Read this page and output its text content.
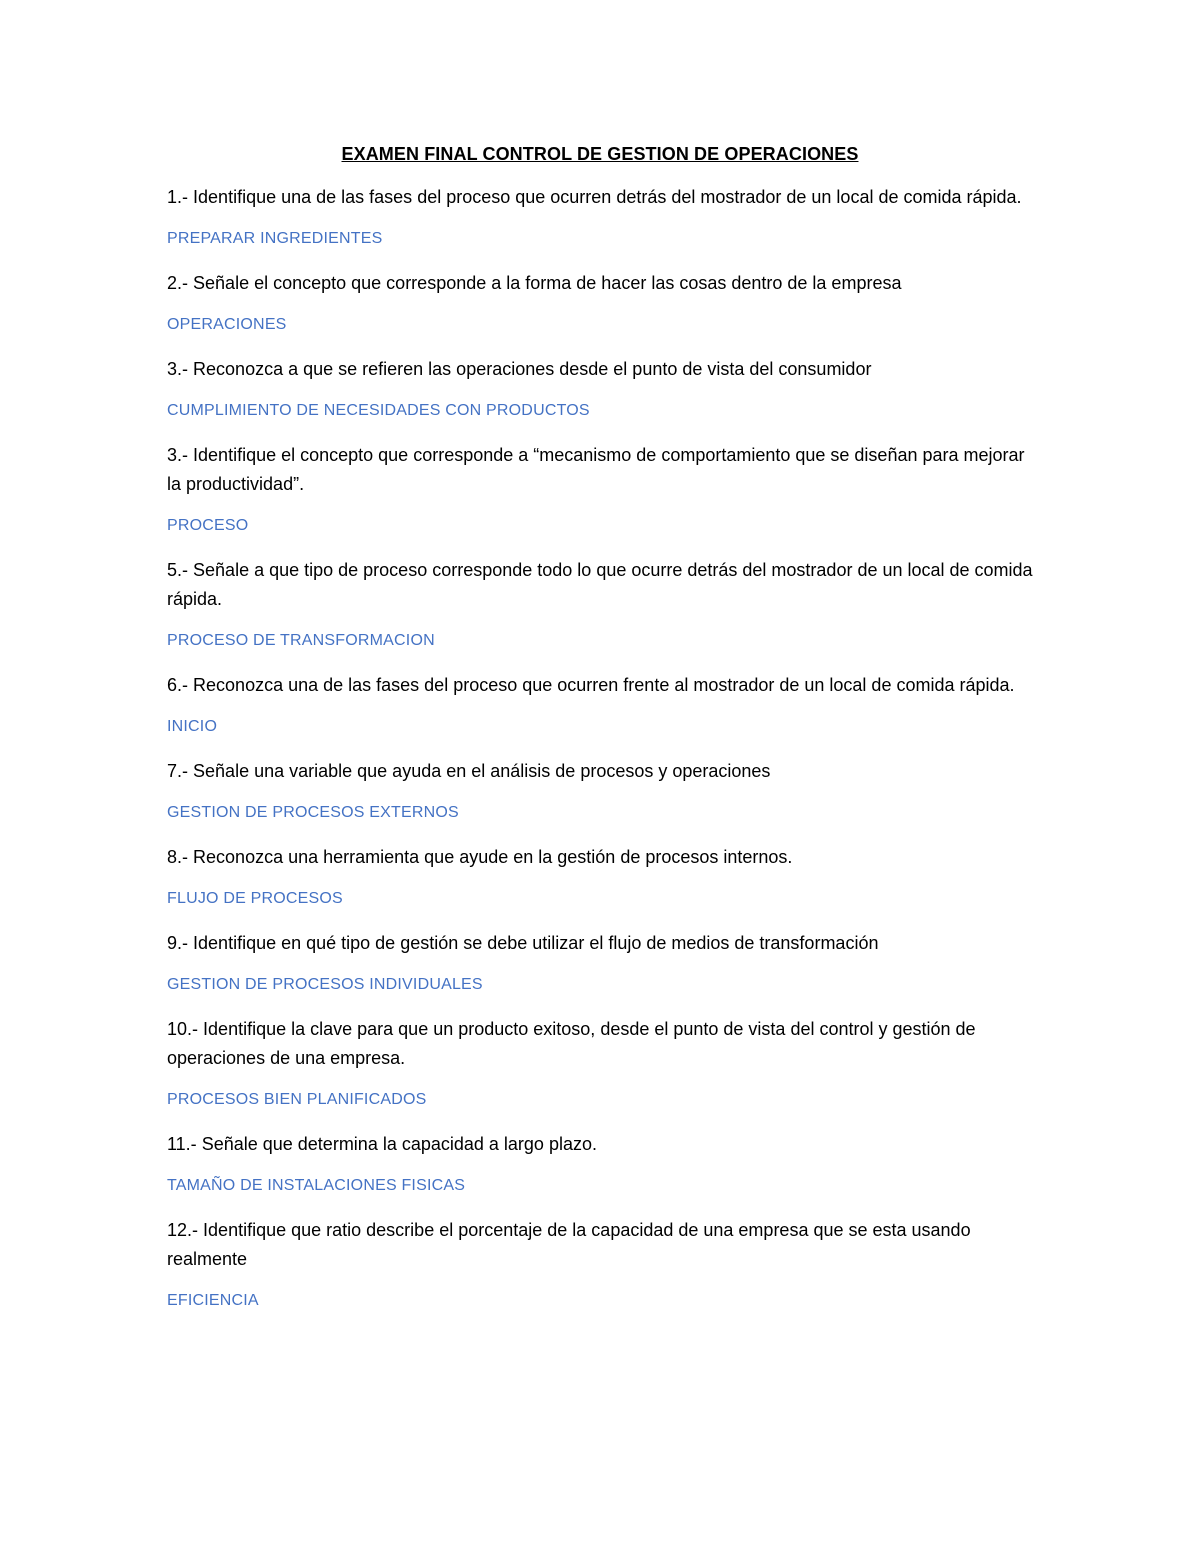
EXAMEN FINAL CONTROL DE GESTION DE OPERACIONES

1.- Identifique una de las fases del proceso que ocurren detrás del mostrador de un local de comida rápida.

PREPARAR INGREDIENTES

2.- Señale el concepto que corresponde a la forma de hacer las cosas dentro de la empresa

OPERACIONES

3.- Reconozca a que se refieren las operaciones desde el punto de vista del consumidor

CUMPLIMIENTO DE NECESIDADES CON PRODUCTOS

3.- Identifique el concepto que corresponde a “mecanismo de comportamiento que se diseñan para mejorar la productividad”.

PROCESO

5.- Señale a que tipo de proceso corresponde todo lo que ocurre detrás del mostrador de un local de comida rápida.

PROCESO DE TRANSFORMACION

6.- Reconozca una de las fases del proceso que ocurren frente al mostrador de un local de comida rápida.

INICIO

7.- Señale una variable que ayuda en el análisis de procesos y operaciones

GESTION DE PROCESOS EXTERNOS

8.- Reconozca una herramienta que ayude en la gestión de procesos internos.

FLUJO DE PROCESOS

9.- Identifique en qué tipo de gestión se debe utilizar el flujo de medios de transformación

GESTION DE PROCESOS INDIVIDUALES

10.- Identifique la clave para que un producto exitoso, desde el punto de vista del control y gestión de operaciones de una empresa.

PROCESOS BIEN PLANIFICADOS

11.- Señale que determina la capacidad a largo plazo.

TAMAÑO DE INSTALACIONES FISICAS

12.- Identifique que ratio describe el porcentaje de la capacidad de una empresa que se esta usando realmente

EFICIENCIA
